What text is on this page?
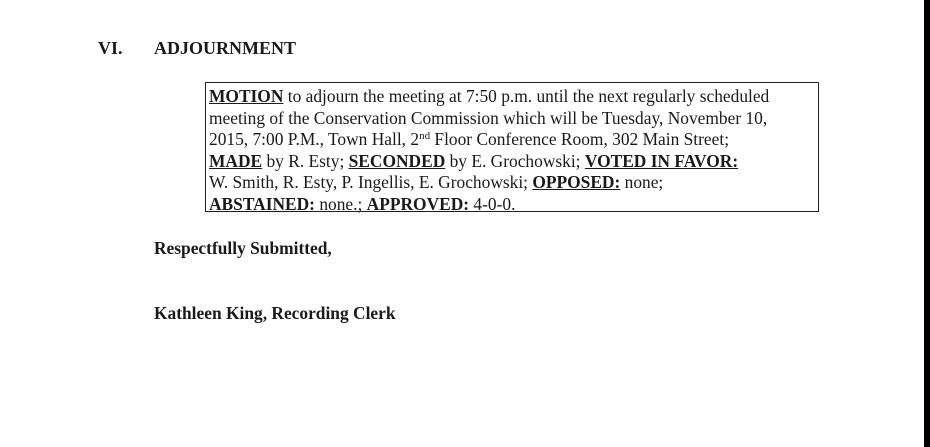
VI. ADJOURNMENT
MOTION to adjourn the meeting at 7:50 p.m. until the next regularly scheduled
meeting of the Conservation Commission which will be Tuesday, November 10,
2015, 7:00 P.M., Town Hall, 2nd Floor Conference Room, 302 Main Street;
MADE by R. Esty; SECONDED by E. Grochowski; VOTED IN FAVOR:
W. Smith, R. Esty, P. Ingellis, E. Grochowski; OPPOSED: none;
ABSTAINED: none.; APPROVED: 4-0-0.
Respectfully Submitted,
Kathleen King, Recording Clerk
